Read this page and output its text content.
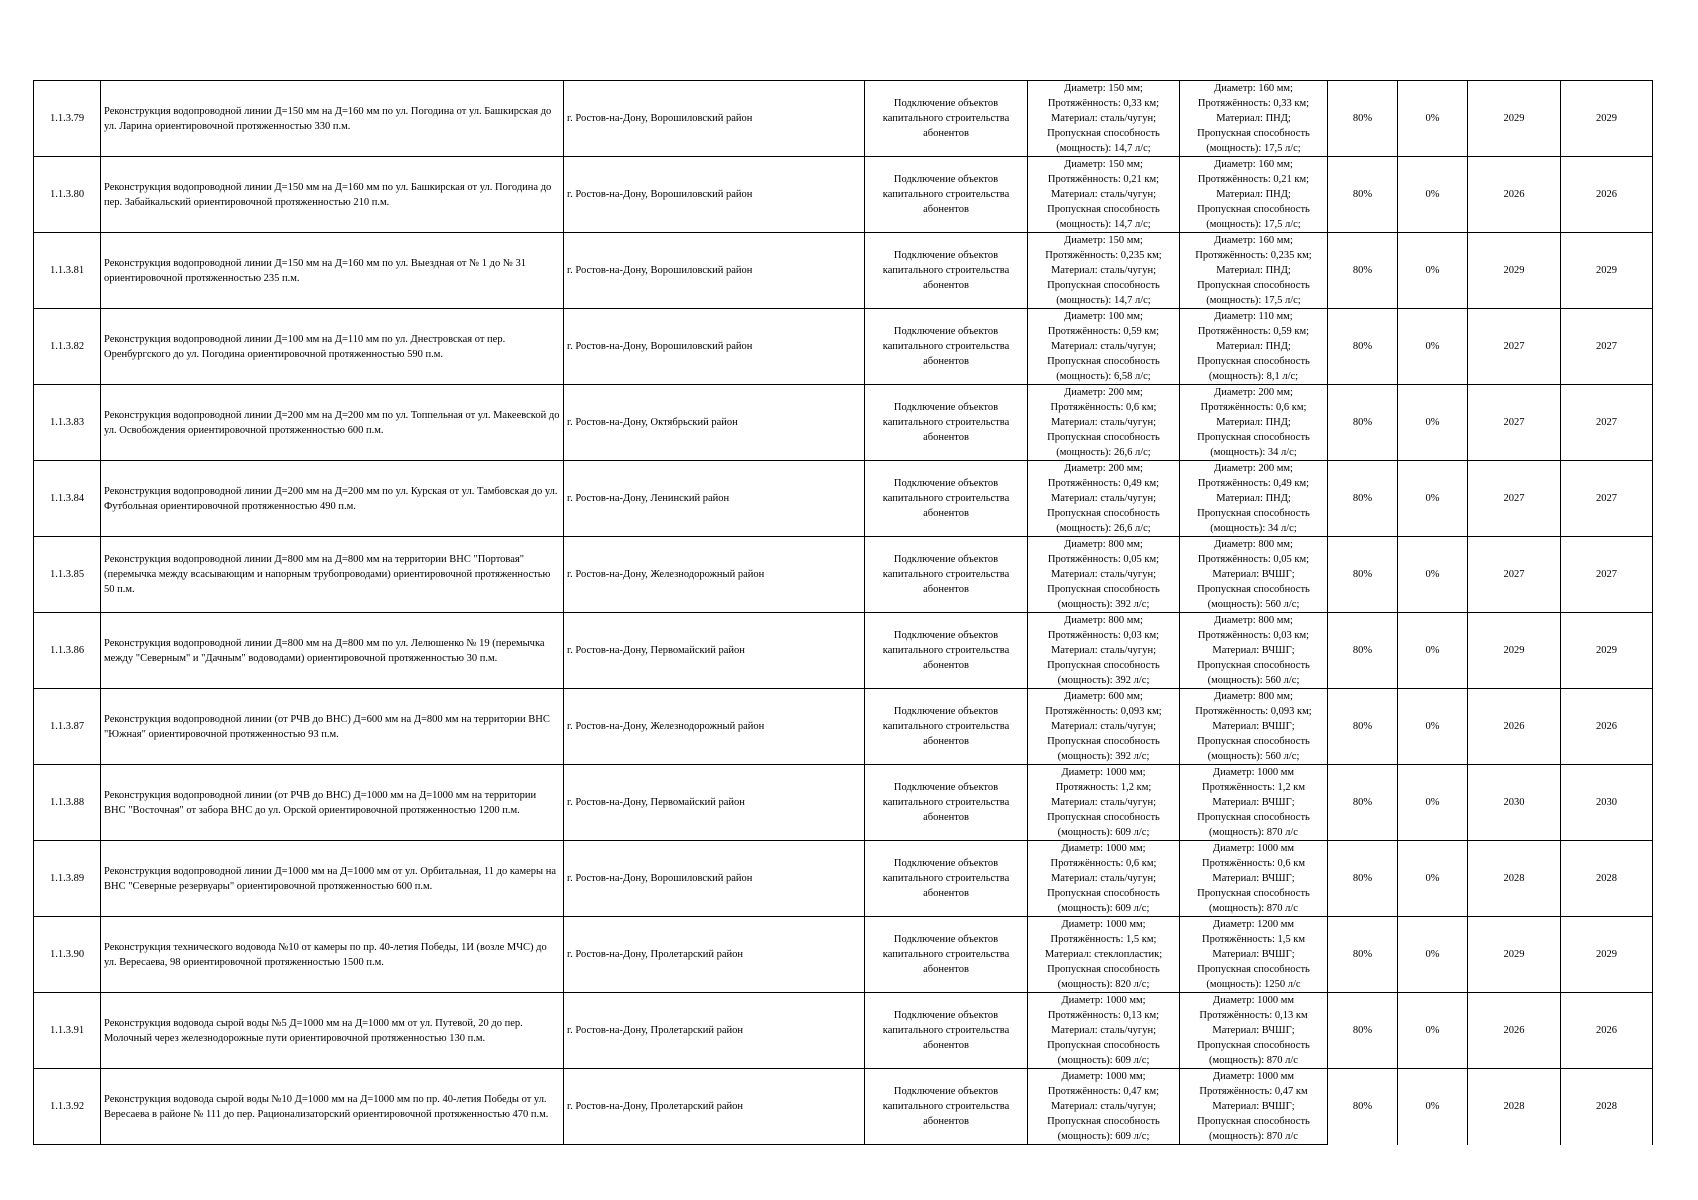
1.1.3.79	Реконструкция водопроводной линии Д=150 мм на Д=160 мм по ул. Погодина от ул. Башкирская до ул. Ларина ориентировочной протяженностью 330 п.м.	г. Ростов-на-Дону, Ворошиловский район	Подключение объектов капитального строительства абонентов	Диаметр: 150 мм;
Протяжённость: 0,33 км;
Материал: сталь/чугун;
Пропускная способность
(мощность): 14,7 л/с;	Диаметр: 160 мм;
Протяжённость: 0,33 км;
Материал: ПНД;
Пропускная способность
(мощность): 17,5 л/с;	80%	0%	2029	2029
1.1.3.80	Реконструкция водопроводной линии Д=150 мм на Д=160 мм по ул. Башкирская от ул. Погодина до пер. Забайкальский ориентировочной протяженностью 210 п.м.	г. Ростов-на-Дону, Ворошиловский район	Подключение объектов капитального строительства абонентов	Диаметр: 150 мм;
Протяжённость: 0,21 км;
Материал: сталь/чугун;
Пропускная способность
(мощность): 14,7 л/с;	Диаметр: 160 мм;
Протяжённость: 0,21 км;
Материал: ПНД;
Пропускная способность
(мощность): 17,5 л/с;	80%	0%	2026	2026
1.1.3.81	Реконструкция водопроводной линии Д=150 мм на Д=160 мм по ул. Выездная от № 1 до № 31 ориентировочной протяженностью 235 п.м.	г. Ростов-на-Дону, Ворошиловский район	Подключение объектов капитального строительства абонентов	Диаметр: 150 мм;
Протяжённость: 0,235 км;
Материал: сталь/чугун;
Пропускная способность
(мощность): 14,7 л/с;	Диаметр: 160 мм;
Протяжённость: 0,235 км;
Материал: ПНД;
Пропускная способность
(мощность): 17,5 л/с;	80%	0%	2029	2029
1.1.3.82	Реконструкция водопроводной линии Д=100 мм на Д=110 мм по ул. Днестровская от пер. Оренбургского до ул. Погодина ориентировочной протяженностью 590 п.м.	г. Ростов-на-Дону, Ворошиловский район	Подключение объектов капитального строительства абонентов	Диаметр: 100 мм;
Протяжённость: 0,59 км;
Материал: сталь/чугун;
Пропускная способность
(мощность): 6,58 л/с;	Диаметр: 110 мм;
Протяжённость: 0,59 км;
Материал: ПНД;
Пропускная способность
(мощность): 8,1 л/с;	80%	0%	2027	2027
1.1.3.83	Реконструкция водопроводной линии Д=200 мм на Д=200 мм по ул. Топпельная от ул. Макеевской до ул. Освобождения ориентировочной протяженностью 600 п.м.	г. Ростов-на-Дону, Октябрьский район	Подключение объектов капитального строительства абонентов	Диаметр: 200 мм;
Протяжённость: 0,6 км;
Материал: сталь/чугун;
Пропускная способность
(мощность): 26,6 л/с;	Диаметр: 200 мм;
Протяжённость: 0,6 км;
Материал: ПНД;
Пропускная способность
(мощность): 34 л/с;	80%	0%	2027	2027
1.1.3.84	Реконструкция водопроводной линии Д=200 мм на Д=200 мм по ул. Курская от ул. Тамбовская до ул. Футбольная ориентировочной протяженностью 490 п.м.	г. Ростов-на-Дону, Ленинский район	Подключение объектов капитального строительства абонентов	Диаметр: 200 мм;
Протяжённость: 0,49 км;
Материал: сталь/чугун;
Пропускная способность
(мощность): 26,6 л/с;	Диаметр: 200 мм;
Протяжённость: 0,49 км;
Материал: ПНД;
Пропускная способность
(мощность): 34 л/с;	80%	0%	2027	2027
1.1.3.85	Реконструкция водопроводной линии Д=800 мм на Д=800 мм на территории ВНС "Портовая" (перемычка между всасывающим и напорным трубопроводами) ориентировочной протяженностью 50 п.м.	г. Ростов-на-Дону, Железнодорожный район	Подключение объектов капитального строительства абонентов	Диаметр: 800 мм;
Протяжённость: 0,05 км;
Материал: сталь/чугун;
Пропускная способность
(мощность): 392 л/с;	Диаметр: 800 мм;
Протяжённость: 0,05 км;
Материал: ВЧШГ;
Пропускная способность
(мощность): 560 л/с;	80%	0%	2027	2027
1.1.3.86	Реконструкция водопроводной линии Д=800 мм на Д=800 мм по ул. Лелюшенко № 19 (перемычка между "Северным" и "Дачным" водоводами) ориентировочной протяженностью 30 п.м.	г. Ростов-на-Дону, Первомайский район	Подключение объектов капитального строительства абонентов	Диаметр: 800 мм;
Протяжённость: 0,03 км;
Материал: сталь/чугун;
Пропускная способность
(мощность): 392 л/с;	Диаметр: 800 мм;
Протяжённость: 0,03 км;
Материал: ВЧШГ;
Пропускная способность
(мощность): 560 л/с;	80%	0%	2029	2029
1.1.3.87	Реконструкция водопроводной линии (от РЧВ до ВНС) Д=600 мм на Д=800 мм на территории ВНС "Южная" ориентировочной протяженностью 93 п.м.	г. Ростов-на-Дону, Железнодорожный район	Подключение объектов капитального строительства абонентов	Диаметр: 600 мм;
Протяжённость: 0,093 км;
Материал: сталь/чугун;
Пропускная способность
(мощность): 392 л/с;	Диаметр: 800 мм;
Протяжённость: 0,093 км;
Материал: ВЧШГ;
Пропускная способность
(мощность): 560 л/с;	80%	0%	2026	2026
1.1.3.88	Реконструкция водопроводной линии (от РЧВ до ВНС) Д=1000 мм на Д=1000 мм на территории ВНС "Восточная" от забора ВНС до ул. Орской ориентировочной протяженностью 1200 п.м.	г. Ростов-на-Дону, Первомайский район	Подключение объектов капитального строительства абонентов	Диаметр: 1000 мм;
Протяжность: 1,2 км;
Материал: сталь/чугун;
Пропускная способность
(мощность): 609 л/с;	Диаметр: 1000 мм
Протяжённость: 1,2 км
Материал: ВЧШГ;
Пропускная способность
(мощность): 870 л/с	80%	0%	2030	2030
1.1.3.89	Реконструкция водопроводной линии Д=1000 мм на Д=1000 мм от ул. Орбитальная, 11 до камеры на ВНС "Северные резервуары" ориентировочной протяженностью 600 п.м.	г. Ростов-на-Дону, Ворошиловский район	Подключение объектов капитального строительства абонентов	Диаметр: 1000 мм;
Протяжённость: 0,6 км;
Материал: сталь/чугун;
Пропускная способность
(мощность): 609 л/с;	Диаметр: 1000 мм
Протяжённость: 0,6 км
Материал: ВЧШГ;
Пропускная способность
(мощность): 870 л/с	80%	0%	2028	2028
1.1.3.90	Реконструкция технического водовода №10 от камеры по пр. 40-летия Победы, 1И (возле МЧС) до ул. Вересаева, 98 ориентировочной протяженностью 1500 п.м.	г. Ростов-на-Дону, Пролетарский район	Подключение объектов капитального строительства абонентов	Диаметр: 1000 мм;
Протяжённость: 1,5 км;
Материал: стеклопластик;
Пропускная способность
(мощность): 820 л/с;	Диаметр: 1200 мм
Протяжённость: 1,5 км
Материал: ВЧШГ;
Пропускная способность
(мощность): 1250 л/с	80%	0%	2029	2029
1.1.3.91	Реконструкция водовода сырой воды №5 Д=1000 мм на Д=1000 мм от ул. Путевой, 20 до пер. Молочный через железнодорожные пути ориентировочной протяженностью 130 п.м.	г. Ростов-на-Дону, Пролетарский район	Подключение объектов капитального строительства абонентов	Диаметр: 1000 мм;
Протяжённость: 0,13 км;
Материал: сталь/чугун;
Пропускная способность
(мощность): 609 л/с;	Диаметр: 1000 мм
Протяжённость: 0,13 км
Материал: ВЧШГ;
Пропускная способность
(мощность): 870 л/с	80%	0%	2026	2026
1.1.3.92	Реконструкция водовода сырой воды №10 Д=1000 мм на Д=1000 мм по пр. 40-летия Победы от ул. Вересаева в районе № 111 до пер. Рационализаторский ориентировочной протяженностью 470 п.м.	г. Ростов-на-Дону, Пролетарский район	Подключение объектов капитального строительства абонентов	Диаметр: 1000 мм;
Протяжённость: 0,47 км;
Материал: сталь/чугун;
Пропускная способность
(мощность): 609 л/с;	Диаметр: 1000 мм
Протяжённость: 0,47 км
Материал: ВЧШГ;
Пропускная способность
(мощность): 870 л/с	80%	0%	2028	2028
